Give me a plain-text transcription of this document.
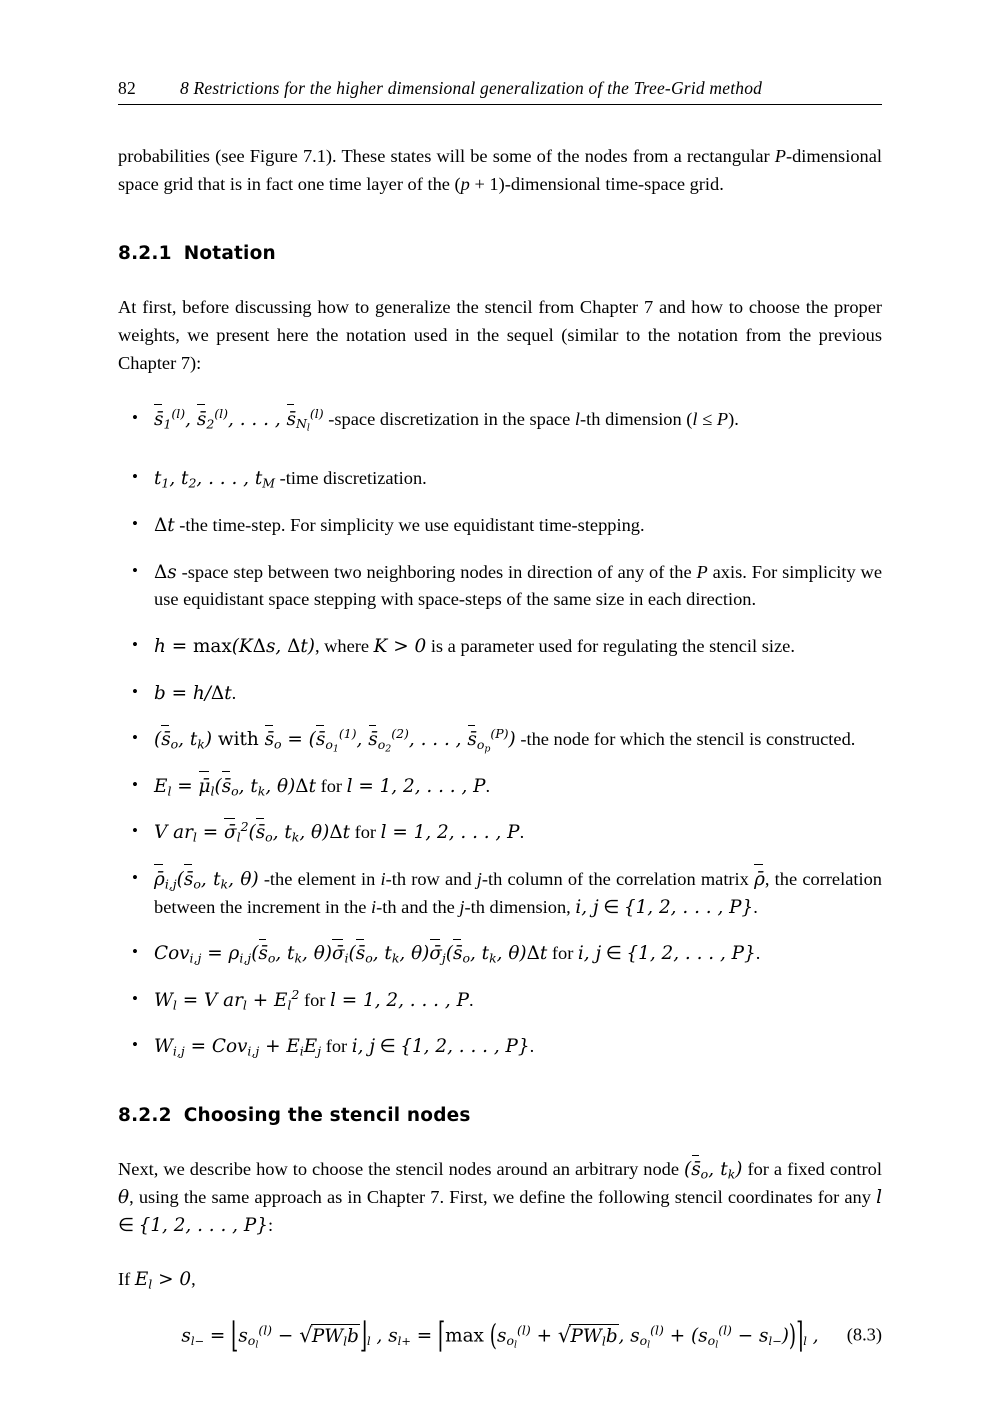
82	8 Restrictions for the higher dimensional generalization of the Tree-Grid method

probabilities (see Figure 7.1). These states will be some of the nodes from a rectangular P-dimensional space grid that is in fact one time layer of the (p + 1)-dimensional time-space grid.

8.2.1 Notation

At first, before discussing how to generalize the stencil from Chapter 7 and how to choose the proper weights, we present here the notation used in the sequel (similar to the notation from the previous Chapter 7):

• $s̄_1^{(l)}$, $s̄_2^{(l)}$, . . . , $s̄_{N_l}^{(l)}$ -space discretization in the space l-th dimension (l ≤ P).
• $t_1$, $t_2$, . . . , $t_M$ -time discretization.
• Δt -the time-step. For simplicity we use equidistant time-stepping.
• Δs -space step between two neighboring nodes in direction of any of the P axis. For simplicity we use equidistant space stepping with space-steps of the same size in each direction.
• h = max(KΔs, Δt), where K > 0 is a parameter used for regulating the stencil size.
• b = h/Δt.
• ($s̄_o$, $t_k$) with $s̄_o$ = ($s̄_{o_1}^{(1)}$, $s̄_{o_2}^{(2)}$, . . . , $s̄_{o_p}^{(P)}$) -the node for which the stencil is constructed.
• $E_l$ = $\mū_l(s̄_o$, $t_k$, θ)Δt for l = 1, 2, . . . , P.
• V $ar_l$ = $\sigmā_l^2(s̄_o$, $t_k$, θ)Δt for l = 1, 2, . . . , P.
• $\rhō_{i,j}(s̄_o$, $t_k$, θ) -the element in i-th row and j-th column of the correlation matrix ρ̄, the correlation between the increment in the i-th and the j-th dimension, i, j ∈ {1, 2, . . . , P}.
• $Cov_{i,j} = \rho_{i,j}(s̄_o$, $t_k$, $\theta)\sigmā_i(s̄_o$, $t_k$, $\theta)\sigmā_j(s̄_o$, $t_k$, θ)Δt for i, j ∈ {1, 2, . . . , P}.
• $W_l = V$ $ar_l + E_l^2$ for l = 1, 2, . . . , P.
• $W_{i,j} = Cov_{i,j} + E_iE_j$ for i, j ∈ {1, 2, . . . , P}.
8.2.2 Choosing the stencil nodes

Next, we describe how to choose the stencil nodes around an arbitrary node ($s̄_o$, $t_k$) for a fixed control θ, using the same approach as in Chapter 7. First, we define the following stencil coordinates for any l ∈ {1, 2, . . . , P}:

If $E_l > 0$,

$s_{l-}$ = $⌊s_{o_l}^{(l)}$ − √ $PW_lb⌋_l$ , $s_{l+}$ = ⌈max ($s_{o_l}^{(l)}$ + √ $PW_lb$, $s_{o_l}^{(l)} + (s_{o_l}^{(l)}$ − $s_{l-}))⌉_l$ , (8.3)
